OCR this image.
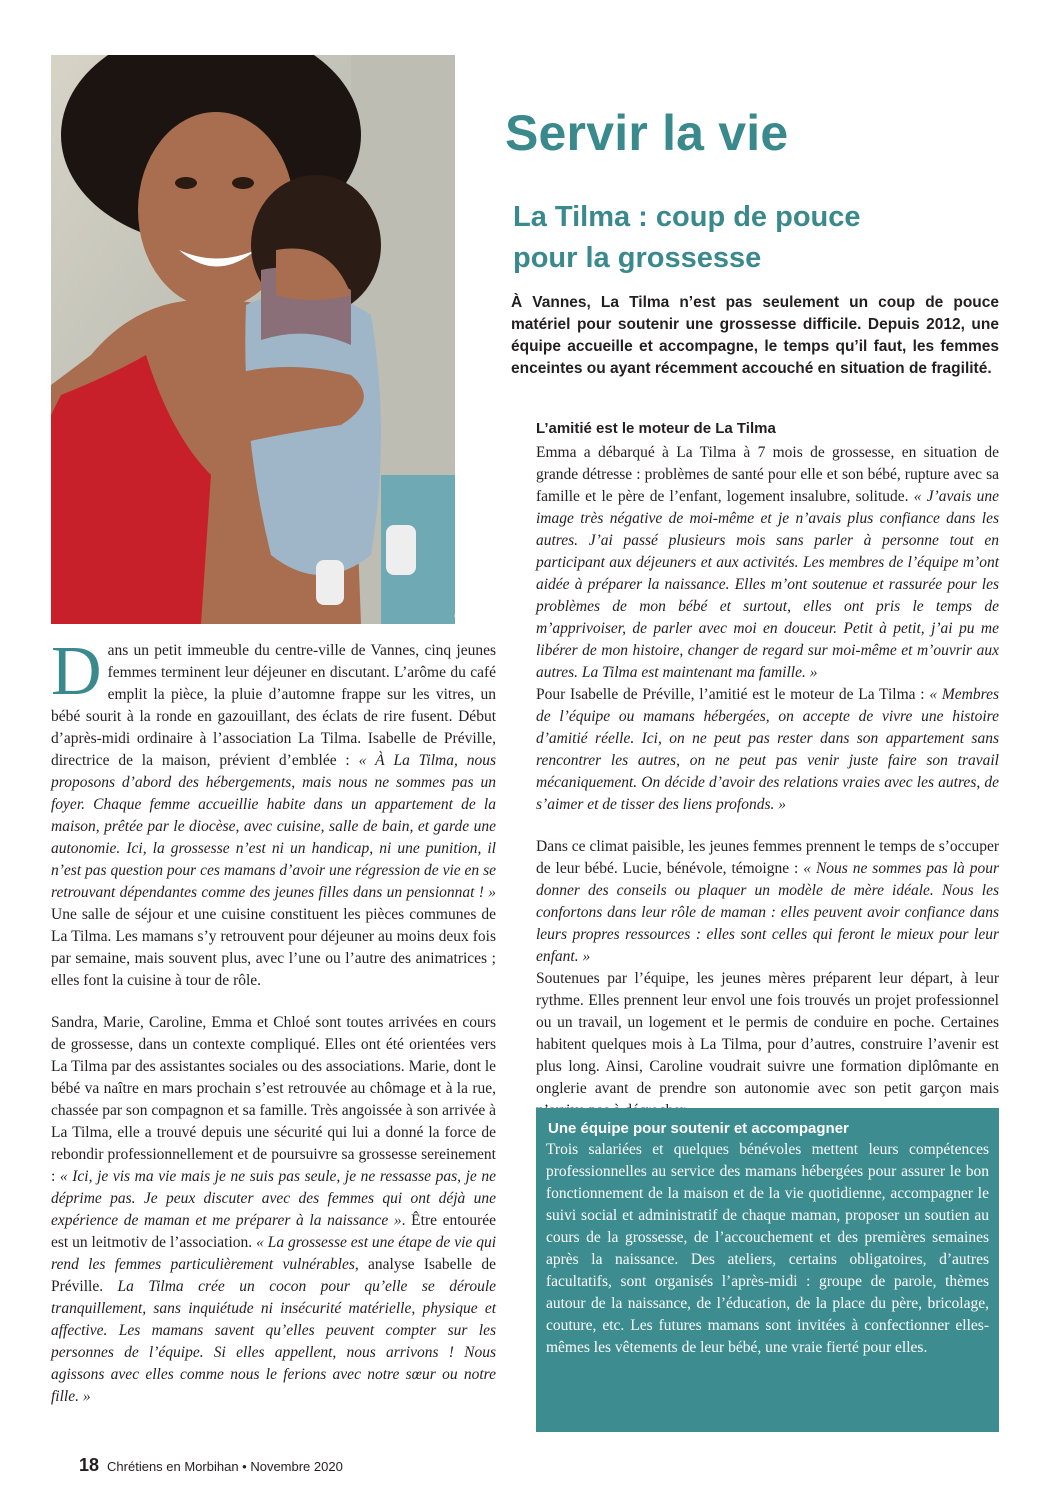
© Côme de Préville
Servir la vie
La Tilma : coup de pouce
pour la grossesse

À Vannes, La Tilma n’est pas seulement un coup de pouce matériel pour soutenir une grossesse difficile. Depuis 2012, une équipe accueille et accompagne, le temps qu’il faut, les femmes enceintes ou ayant récemment accouché en situation de fragilité.

Dans un petit immeuble du centre-ville de Vannes, cinq jeunes femmes terminent leur déjeuner en discutant. L’arôme du café emplit la pièce, la pluie d’automne frappe sur les vitres, un bébé sourit à la ronde en gazouillant, des éclats de rire fusent. Début d’après-midi ordinaire à l’association La Tilma. Isabelle de Préville, directrice de la maison, prévient d’emblée : « À La Tilma, nous proposons d’abord des hébergements, mais nous ne sommes pas un foyer. Chaque femme accueillie habite dans un appartement de la maison, prêtée par le diocèse, avec cuisine, salle de bain, et garde une autonomie. Ici, la grossesse n’est ni un handicap, ni une punition, il n’est pas question pour ces mamans d’avoir une régression de vie en se retrouvant dépendantes comme des jeunes filles dans un pensionnat ! » Une salle de séjour et une cuisine constituent les pièces communes de La Tilma. Les mamans s’y retrouvent pour déjeuner au moins deux fois par semaine, mais souvent plus, avec l’une ou l’autre des animatrices ; elles font la cuisine à tour de rôle.

Sandra, Marie, Caroline, Emma et Chloé sont toutes arrivées en cours de grossesse, dans un contexte compliqué. Elles ont été orientées vers La Tilma par des assistantes sociales ou des associations. Marie, dont le bébé va naître en mars prochain s’est retrouvée au chômage et à la rue, chassée par son compagnon et sa famille. Très angoissée à son arrivée à La Tilma, elle a trouvé depuis une sécurité qui lui a donné la force de rebondir professionnellement et de poursuivre sa grossesse sereinement : « Ici, je vis ma vie mais je ne suis pas seule, je ne ressasse pas, je ne déprime pas. Je peux discuter avec des femmes qui ont déjà une expérience de maman et me préparer à la naissance ». Être entourée est un leitmotiv de l’association. « La grossesse est une étape de vie qui rend les femmes particulièrement vulnérables, analyse Isabelle de Préville. La Tilma crée un cocon pour qu’elle se déroule tranquillement, sans inquiétude ni insécurité matérielle, physique et affective. Les mamans savent qu’elles peuvent compter sur les personnes de l’équipe. Si elles appellent, nous arrivons ! Nous agissons avec elles comme nous le ferions avec notre sœur ou notre fille. »

L’amitié est le moteur de La Tilma

Emma a débarqué à La Tilma à 7 mois de grossesse, en situation de grande détresse : problèmes de santé pour elle et son bébé, rupture avec sa famille et le père de l’enfant, logement insalubre, solitude. « J’avais une image très négative de moi-même et je n’avais plus confiance dans les autres. J’ai passé plusieurs mois sans parler à personne tout en participant aux déjeuners et aux activités. Les membres de l’équipe m’ont aidée à préparer la naissance. Elles m’ont soutenue et rassurée pour les problèmes de mon bébé et surtout, elles ont pris le temps de m’apprivoiser, de parler avec moi en douceur. Petit à petit, j’ai pu me libérer de mon histoire, changer de regard sur moi-même et m’ouvrir aux autres. La Tilma est maintenant ma famille. »

Pour Isabelle de Préville, l’amitié est le moteur de La Tilma : « Membres de l’équipe ou mamans hébergées, on accepte de vivre une histoire d’amitié réelle. Ici, on ne peut pas rester dans son appartement sans rencontrer les autres, on ne peut pas venir juste faire son travail mécaniquement. On décide d’avoir des relations vraies avec les autres, de s’aimer et de tisser des liens profonds. »

Dans ce climat paisible, les jeunes femmes prennent le temps de s’occuper de leur bébé. Lucie, bénévole, témoigne : « Nous ne sommes pas là pour donner des conseils ou plaquer un modèle de mère idéale. Nous les confortons dans leur rôle de maman : elles peuvent avoir confiance dans leurs propres ressources : elles sont celles qui feront le mieux pour leur enfant. »

Soutenues par l’équipe, les jeunes mères préparent leur départ, à leur rythme. Elles prennent leur envol une fois trouvés un projet professionnel ou un travail, un logement et le permis de conduire en poche. Certaines habitent quelques mois à La Tilma, pour d’autres, construire l’avenir est plus long. Ainsi, Caroline voudrait suivre une formation diplômante en onglerie avant de prendre son autonomie avec son petit garçon mais

Une équipe pour soutenir et accompagner

Trois salariées et quelques bénévoles mettent leurs compétences professionnelles au service des mamans hébergées pour assurer le bon fonctionnement de la maison et de la vie quotidienne, accompagner le suivi social et administratif de chaque maman, proposer un soutien au cours de la grossesse, de l’accouchement et des premières semaines après la naissance. Des ateliers, certains obligatoires, d’autres facultatifs, sont organisés l’après-midi : groupe de parole, thèmes autour de la naissance, de l’éducation, de la place du père, bricolage, couture, etc. Les futures mamans sont invitées à confectionner elles-mêmes les vêtements de leur bébé, une vraie fierté pour elles.

18 Chrétiens en Morbihan • Novembre 2020
